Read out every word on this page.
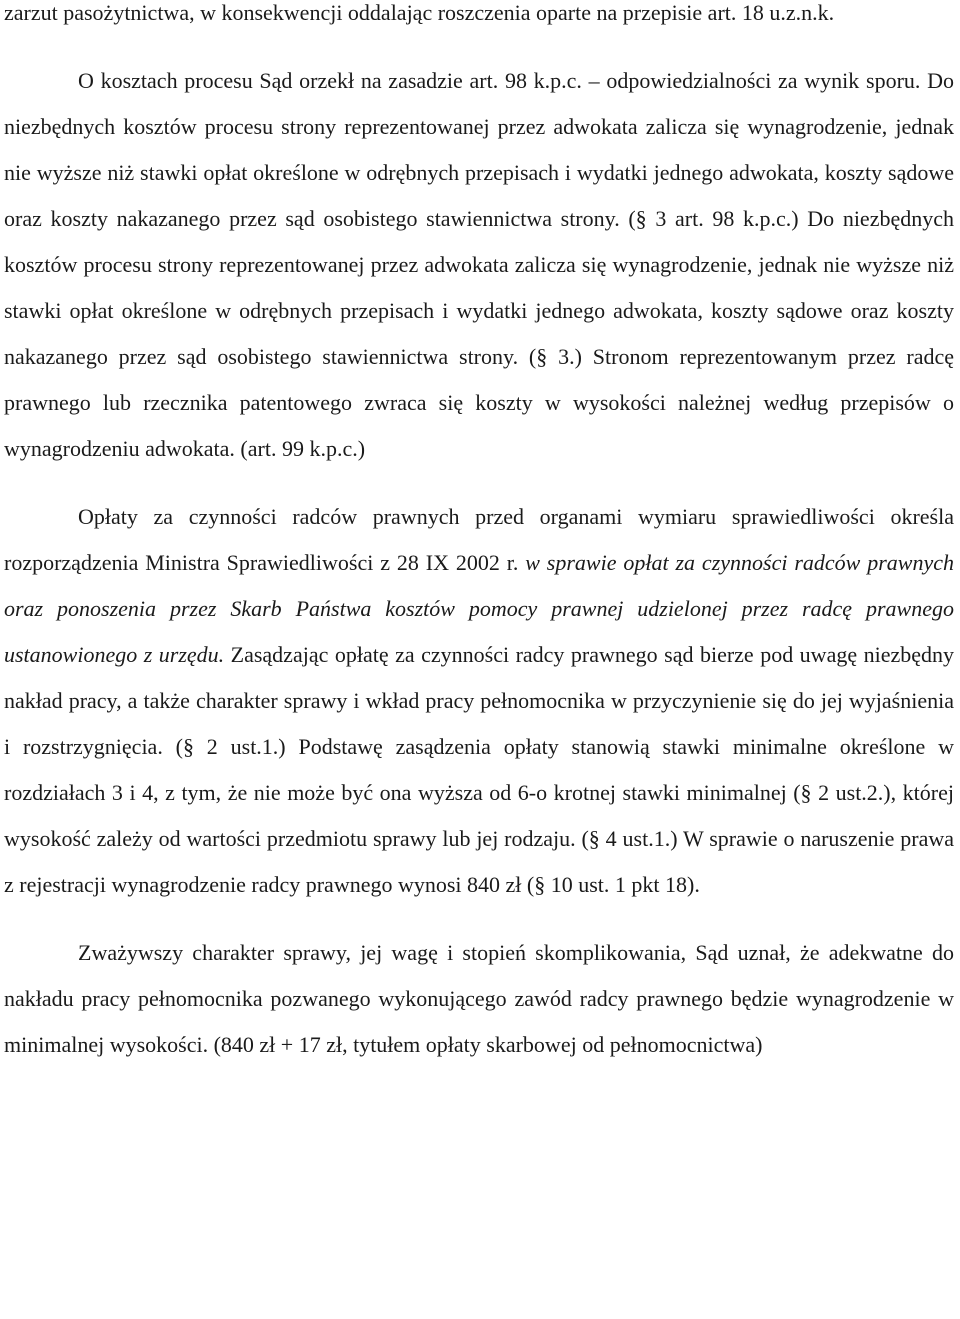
zarzut pasożytnictwa, w konsekwencji oddalając roszczenia oparte na przepisie art. 18 u.z.n.k.

O kosztach procesu Sąd orzekł na zasadzie art. 98 k.p.c. – odpowiedzialności za wynik sporu. Do niezbędnych kosztów procesu strony reprezentowanej przez adwokata zalicza się wynagrodzenie, jednak nie wyższe niż stawki opłat określone w odrębnych przepisach i wydatki jednego adwokata, koszty sądowe oraz koszty nakazanego przez sąd osobistego stawiennictwa strony. (§ 3 art. 98 k.p.c.) Do niezbędnych kosztów procesu strony reprezentowanej przez adwokata zalicza się wynagrodzenie, jednak nie wyższe niż stawki opłat określone w odrębnych przepisach i wydatki jednego adwokata, koszty sądowe oraz koszty nakazanego przez sąd osobistego stawiennictwa strony. (§ 3.) Stronom reprezentowanym przez radcę prawnego lub rzecznika patentowego zwraca się koszty w wysokości należnej według przepisów o wynagrodzeniu adwokata. (art. 99 k.p.c.)

Opłaty za czynności radców prawnych przed organami wymiaru sprawiedliwości określa rozporządzenia Ministra Sprawiedliwości z 28 IX 2002 r. w sprawie opłat za czynności radców prawnych oraz ponoszenia przez Skarb Państwa kosztów pomocy prawnej udzielonej przez radcę prawnego ustanowionego z urzędu. Zasądzając opłatę za czynności radcy prawnego sąd bierze pod uwagę niezbędny nakład pracy, a także charakter sprawy i wkład pracy pełnomocnika w przyczynienie się do jej wyjaśnienia i rozstrzygnięcia. (§ 2 ust.1.) Podstawę zasądzenia opłaty stanowią stawki minimalne określone w rozdziałach 3 i 4, z tym, że nie może być ona wyższa od 6-o krotnej stawki minimalnej (§ 2 ust.2.), której wysokość zależy od wartości przedmiotu sprawy lub jej rodzaju. (§ 4 ust.1.) W sprawie o naruszenie prawa z rejestracji wynagrodzenie radcy prawnego wynosi 840 zł (§ 10 ust. 1 pkt 18).

Zważywszy charakter sprawy, jej wagę i stopień skomplikowania, Sąd uznał, że adekwatne do nakładu pracy pełnomocnika pozwanego wykonującego zawód radcy prawnego będzie wynagrodzenie w minimalnej wysokości. (840 zł + 17 zł, tytułem opłaty skarbowej od pełnomocnictwa)
